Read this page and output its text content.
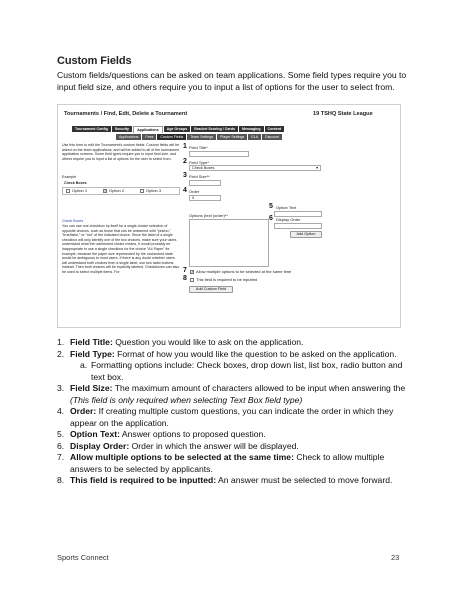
Custom Fields
Custom fields/questions can be asked on team applications. Some field types require you to input field size, and others require you to input a list of options for the user to select from.
Tournaments / Find, Edit, Delete a Tournament	19 TSHQ State League
Tournament Config	Security	Applications	Age Groups	Bracket Scoring / Cards	Messaging	Content
Applications	Fees	Custom Fields	Team Settings	Player Settings	ELA	Discount
Use this form to edit the Tournament's custom fields. Custom fields will be asked on the team applications, and will be added to all of the tournament application screens. Some field types require you to input field size, and others require you to input a list of options for the user to select from.
Example
Check Boxes
Option 1	✓ Option 2	Option 3
Check Boxes
You can use one checkbox by itself for a single-choice selection of opposite choices, such as those that can be answered with "yes/no," "true/false," or "not" of the indicated choice. Since the label of a single checkbox will only identify one of the two choices, make sure your users understand what the unchecked choice means. It would probably be inappropriate to use a single checkbox for the choice "A4 Paper" for example, because the paper size represented by the unchecked state would be ambiguous to most users. If there is any doubt whether users will understand both choices from a single label, use two radio buttons instead. Then both choices will be explicitly labeled. Checkboxes can also be used to select multiple items. For
1 Field Title*
2 Field Type*
Check Boxes	▾
3 Field Size**
4 Order
0
5 Option Text
Options (text (order)**	6 Display Order
Add Option
7 ✓ Allow multiple options to be selected at the same time
8 This field is required to be inputted
Add Custom Field
1. Field Title: Question you would like to ask on the application.
2. Field Type: Format of how you would like the question to be asked on the application.
a. Formatting options include: Check boxes, drop down list, list box, radio button and text box.
3. Field Size: The maximum amount of characters allowed to be input when answering the
(This field is only required when selecting Text Box field type)
4. Order: If creating multiple custom questions, you can indicate the order in which they appear on the application.
5. Option Text: Answer options to proposed question.
6. Display Order: Order in which the answer will be displayed.
7. Allow multiple options to be selected at the same time: Check to allow multiple answers to be selected by applicants.
8. This field is required to be inputted: An answer must be selected to move forward.
Sports Connect	23
